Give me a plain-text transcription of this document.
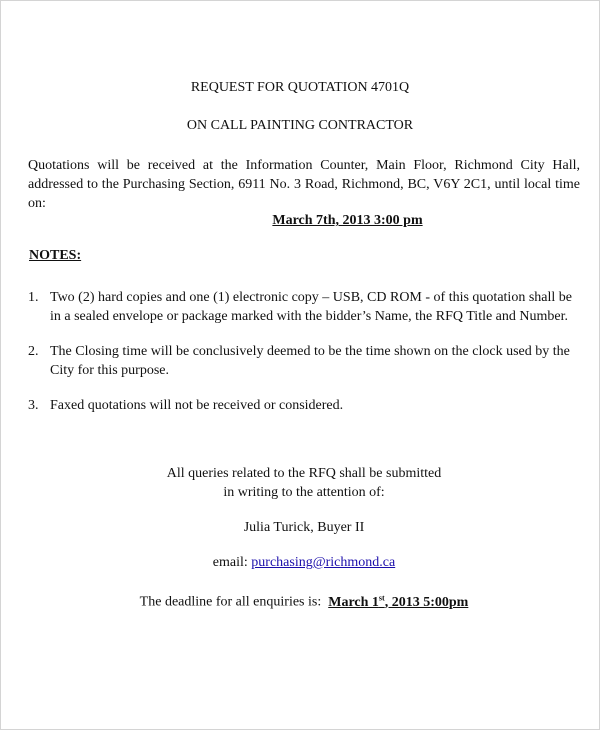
REQUEST FOR QUOTATION 4701Q
ON CALL PAINTING CONTRACTOR
Quotations will be received at the Information Counter, Main Floor, Richmond City Hall, addressed to the Purchasing Section, 6911 No. 3 Road, Richmond, BC, V6Y 2C1, until local time on:
March 7th, 2013 3:00 pm
NOTES:
1. Two (2) hard copies and one (1) electronic copy – USB, CD ROM - of this quotation shall be in a sealed envelope or package marked with the bidder’s Name, the RFQ Title and Number.
2. The Closing time will be conclusively deemed to be the time shown on the clock used by the City for this purpose.
3. Faxed quotations will not be received or considered.
All queries related to the RFQ shall be submitted
in writing to the attention of:
Julia Turick, Buyer II
email: purchasing@richmond.ca
The deadline for all enquiries is: March 1st, 2013 5:00pm
